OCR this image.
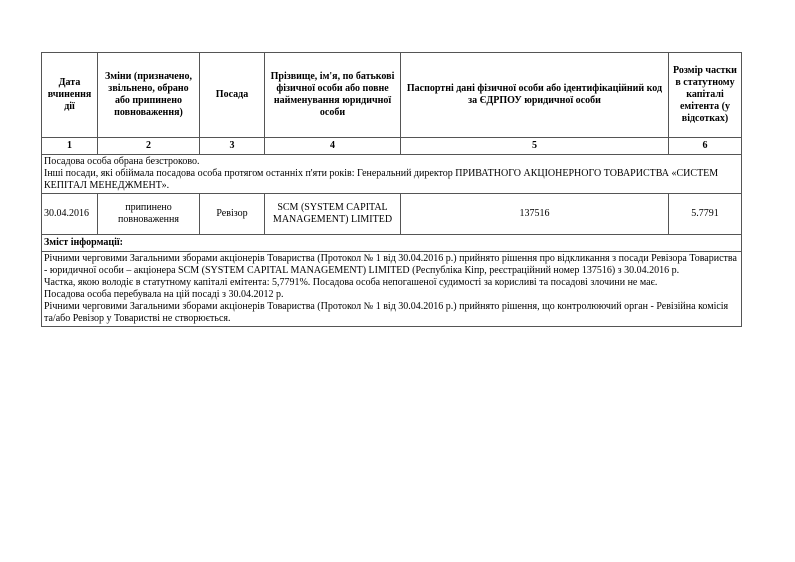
Дата вчинення дії	Зміни (призначено, звільнено, обрано або припинено повноваження)	Посада	Прізвище, ім'я, по батькові фізичної особи або повне найменування юридичної особи	Паспортні дані фізичної особи або ідентифікаційний код за ЄДРПОУ юридичної особи	Розмір частки в статутному капіталі емітента (у відсотках)
1	2	3	4	5	6

Посадова особа обрана безстроково.
Інші посади, які обіймала посадова особа протягом останніх п'яти років: Генеральний директор ПРИВАТНОГО АКЦІОНЕРНОГО ТОВАРИСТВА «СИСТЕМ КЕПІТАЛ МЕНЕДЖМЕНТ».					

30.04.2016	припинено повноваження	Ревізор	SCM (SYSTEM CAPITAL MANAGEMENT) LIMITED	137516	5.7791
Зміст інформації:					

Річними черговими Загальними зборами акціонерів Товариства (Протокол № 1 від 30.04.2016 р.) прийнято рішення про відкликання з посади Ревізора Товариства - юридичної особи – акціонера SCM (SYSTEM CAPITAL MANAGEMENT) LIMITED (Республіка Кіпр, реєстраційний номер 137516) з 30.04.2016 р.
Частка, якою володіє в статутному капіталі емітента: 5,7791%. Посадова особа непогашеної судимості за корисливі та посадові злочини не має.
Посадова особа перебувала на цій посаді з 30.04.2012 р.
Річними черговими Загальними зборами акціонерів Товариства (Протокол № 1 від 30.04.2016 р.) прийнято рішення, що контролюючий орган - Ревізійна комісія та/або Ревізор у Товаристві не створюється.					
